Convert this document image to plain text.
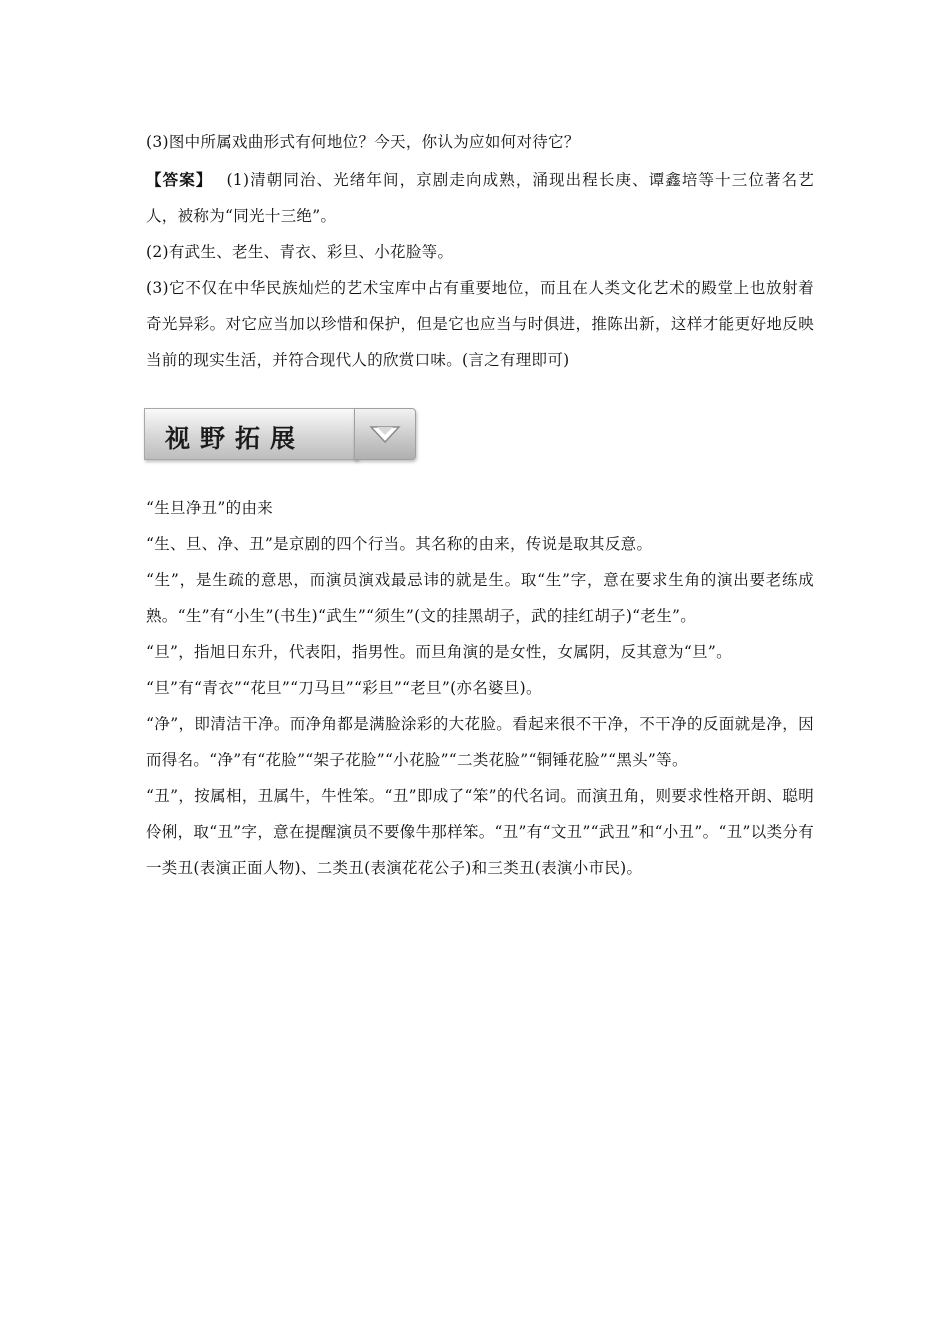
(3)图中所属戏曲形式有何地位？今天，你认为应如何对待它？

【答案】 (1)清朝同治、光绪年间，京剧走向成熟，涌现出程长庚、谭鑫培等十三位著名艺人，被称为“同光十三绝”。

(2)有武生、老生、青衣、彩旦、小花脸等。

(3)它不仅在中华民族灿烂的艺术宝库中占有重要地位，而且在人类文化艺术的殿堂上也放射着奇光异彩。对它应当加以珍惜和保护，但是它也应当与时俱进，推陈出新，这样才能更好地反映当前的现实生活，并符合现代人的欣赏口味。(言之有理即可)

视野拓展

“生旦净丑”的由来

“生、旦、净、丑”是京剧的四个行当。其名称的由来，传说是取其反意。

“生”，是生疏的意思，而演员演戏最忌讳的就是生。取“生”字，意在要求生角的演出要老练成熟。“生”有“小生”(书生)“武生”“须生”(文的挂黑胡子，武的挂红胡子)“老生”。

“旦”，指旭日东升，代表阳，指男性。而旦角演的是女性，女属阴，反其意为“旦”。

“旦”有“青衣”“花旦”“刀马旦”“彩旦”“老旦”(亦名婆旦)。

“净”，即清洁干净。而净角都是满脸涂彩的大花脸。看起来很不干净，不干净的反面就是净，因而得名。“净”有“花脸”“架子花脸”“小花脸”“二类花脸”“铜锤花脸”“黑头”等。

“丑”，按属相，丑属牛，牛性笨。“丑”即成了“笨”的代名词。而演丑角，则要求性格开朗、聪明伶俐，取“丑”字，意在提醒演员不要像牛那样笨。“丑”有“文丑”“武丑”和“小丑”。“丑”以类分有一类丑(表演正面人物)、二类丑(表演花花公子)和三类丑(表演小市民)。
